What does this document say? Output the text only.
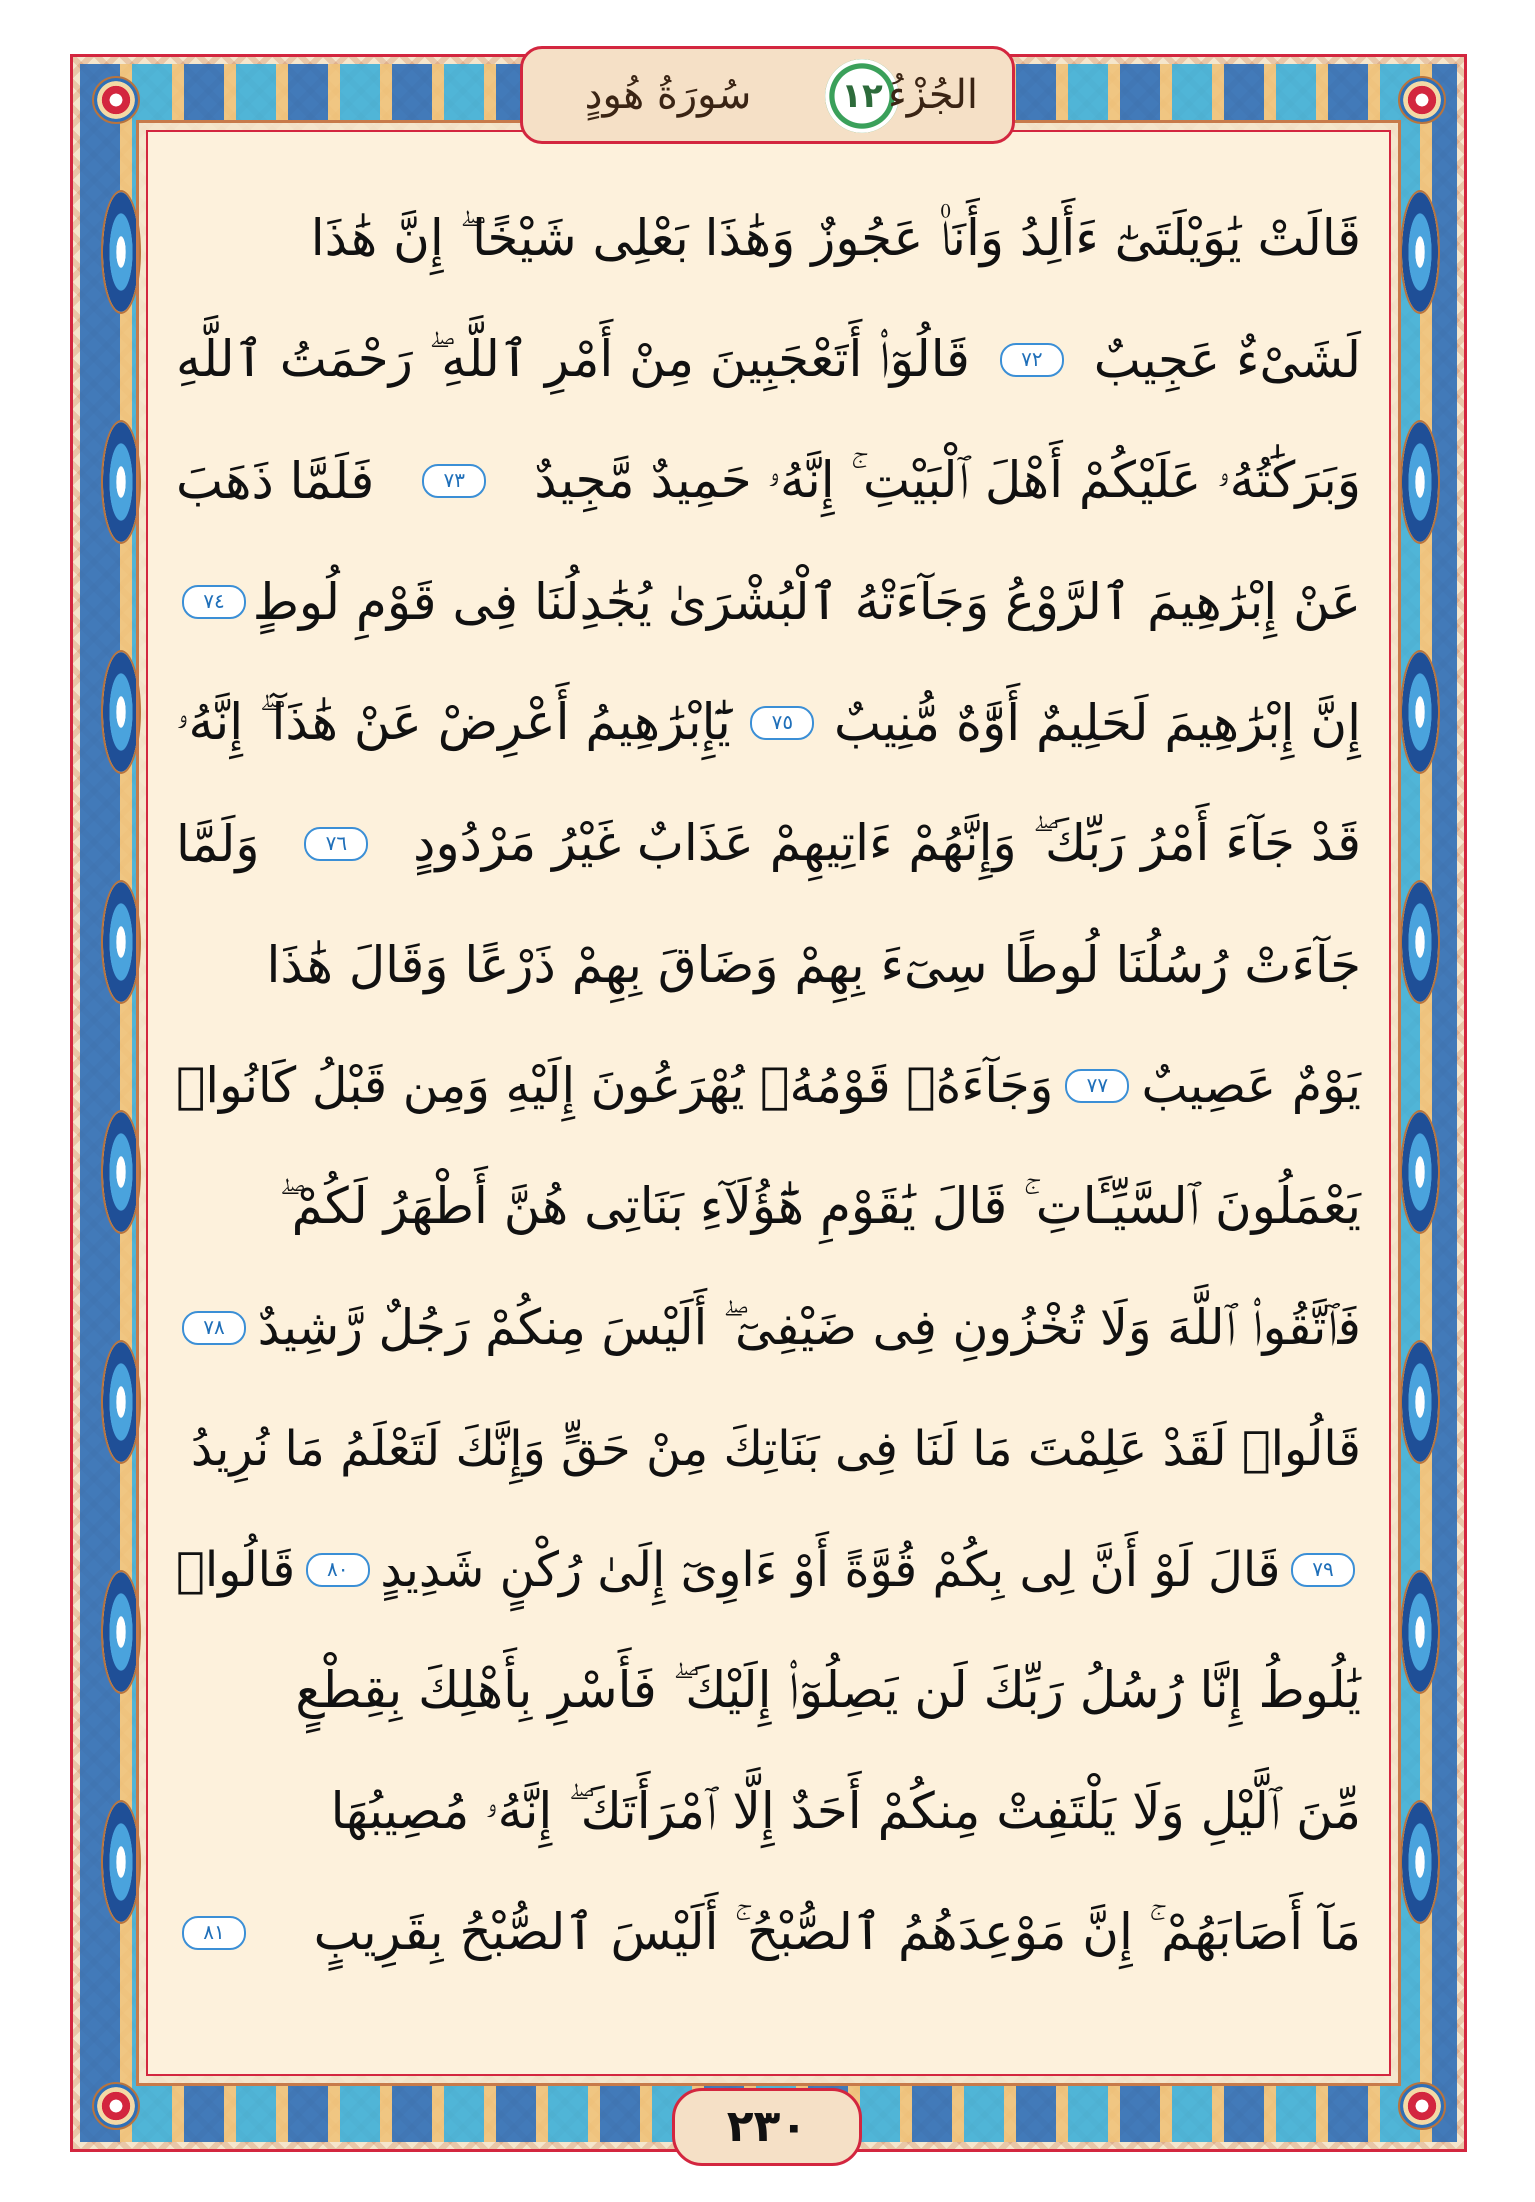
سُورَةُ هُودٍ	١٢ الجُزْءُ
قَالَتْ يَٰوَيْلَتَىٰٓ ءَأَلِدُ وَأَنَا۠ عَجُوزٌ وَهَٰذَا بَعْلِى شَيْخًا ۖ إِنَّ هَٰذَا
لَشَىْءٌ عَجِيبٌ
٧٢
قَالُوٓا۟ أَتَعْجَبِينَ مِنْ أَمْرِ ٱللَّهِ ۖ رَحْمَتُ ٱللَّهِ
وَبَرَكَٰتُهُۥ عَلَيْكُمْ أَهْلَ ٱلْبَيْتِ ۚ إِنَّهُۥ حَمِيدٌ مَّجِيدٌ
٧٣
فَلَمَّا ذَهَبَ
عَنْ إِبْرَٰهِيمَ ٱلرَّوْعُ وَجَآءَتْهُ ٱلْبُشْرَىٰ يُجَٰدِلُنَا فِى قَوْمِ لُوطٍ
٧٤
إِنَّ إِبْرَٰهِيمَ لَحَلِيمٌ أَوَّٰهٌ مُّنِيبٌ
٧٥
يَٰٓإِبْرَٰهِيمُ أَعْرِضْ عَنْ هَٰذَآ ۖ إِنَّهُۥ
قَدْ جَآءَ أَمْرُ رَبِّكَ ۖ وَإِنَّهُمْ ءَاتِيهِمْ عَذَابٌ غَيْرُ مَرْدُودٍ
٧٦
وَلَمَّا
جَآءَتْ رُسُلُنَا لُوطًا سِىٓءَ بِهِمْ وَضَاقَ بِهِمْ ذَرْعًا وَقَالَ هَٰذَا
يَوْمٌ عَصِيبٌ
٧٧
وَجَآءَهُۥ قَوْمُهُۥ يُهْرَعُونَ إِلَيْهِ وَمِن قَبْلُ كَانُوا۟
يَعْمَلُونَ ٱلسَّيِّـَٔاتِ ۚ قَالَ يَٰقَوْمِ هَٰٓؤُلَآءِ بَنَاتِى هُنَّ أَطْهَرُ لَكُمْ ۖ
فَٱتَّقُوا۟ ٱللَّهَ وَلَا تُخْزُونِ فِى ضَيْفِىٓ ۖ أَلَيْسَ مِنكُمْ رَجُلٌ رَّشِيدٌ
٧٨
قَالُوا۟ لَقَدْ عَلِمْتَ مَا لَنَا فِى بَنَاتِكَ مِنْ حَقٍّ وَإِنَّكَ لَتَعْلَمُ مَا نُرِيدُ
٧٩
قَالَ لَوْ أَنَّ لِى بِكُمْ قُوَّةً أَوْ ءَاوِىٓ إِلَىٰ رُكْنٍ شَدِيدٍ
٨٠
قَالُوا۟
يَٰلُوطُ إِنَّا رُسُلُ رَبِّكَ لَن يَصِلُوٓا۟ إِلَيْكَ ۖ فَأَسْرِ بِأَهْلِكَ بِقِطْعٍ
مِّنَ ٱلَّيْلِ وَلَا يَلْتَفِتْ مِنكُمْ أَحَدٌ إِلَّا ٱمْرَأَتَكَ ۖ إِنَّهُۥ مُصِيبُهَا
مَآ أَصَابَهُمْ ۚ إِنَّ مَوْعِدَهُمُ ٱلصُّبْحُ ۚ أَلَيْسَ ٱلصُّبْحُ بِقَرِيبٍ
٨١
٢٣٠
